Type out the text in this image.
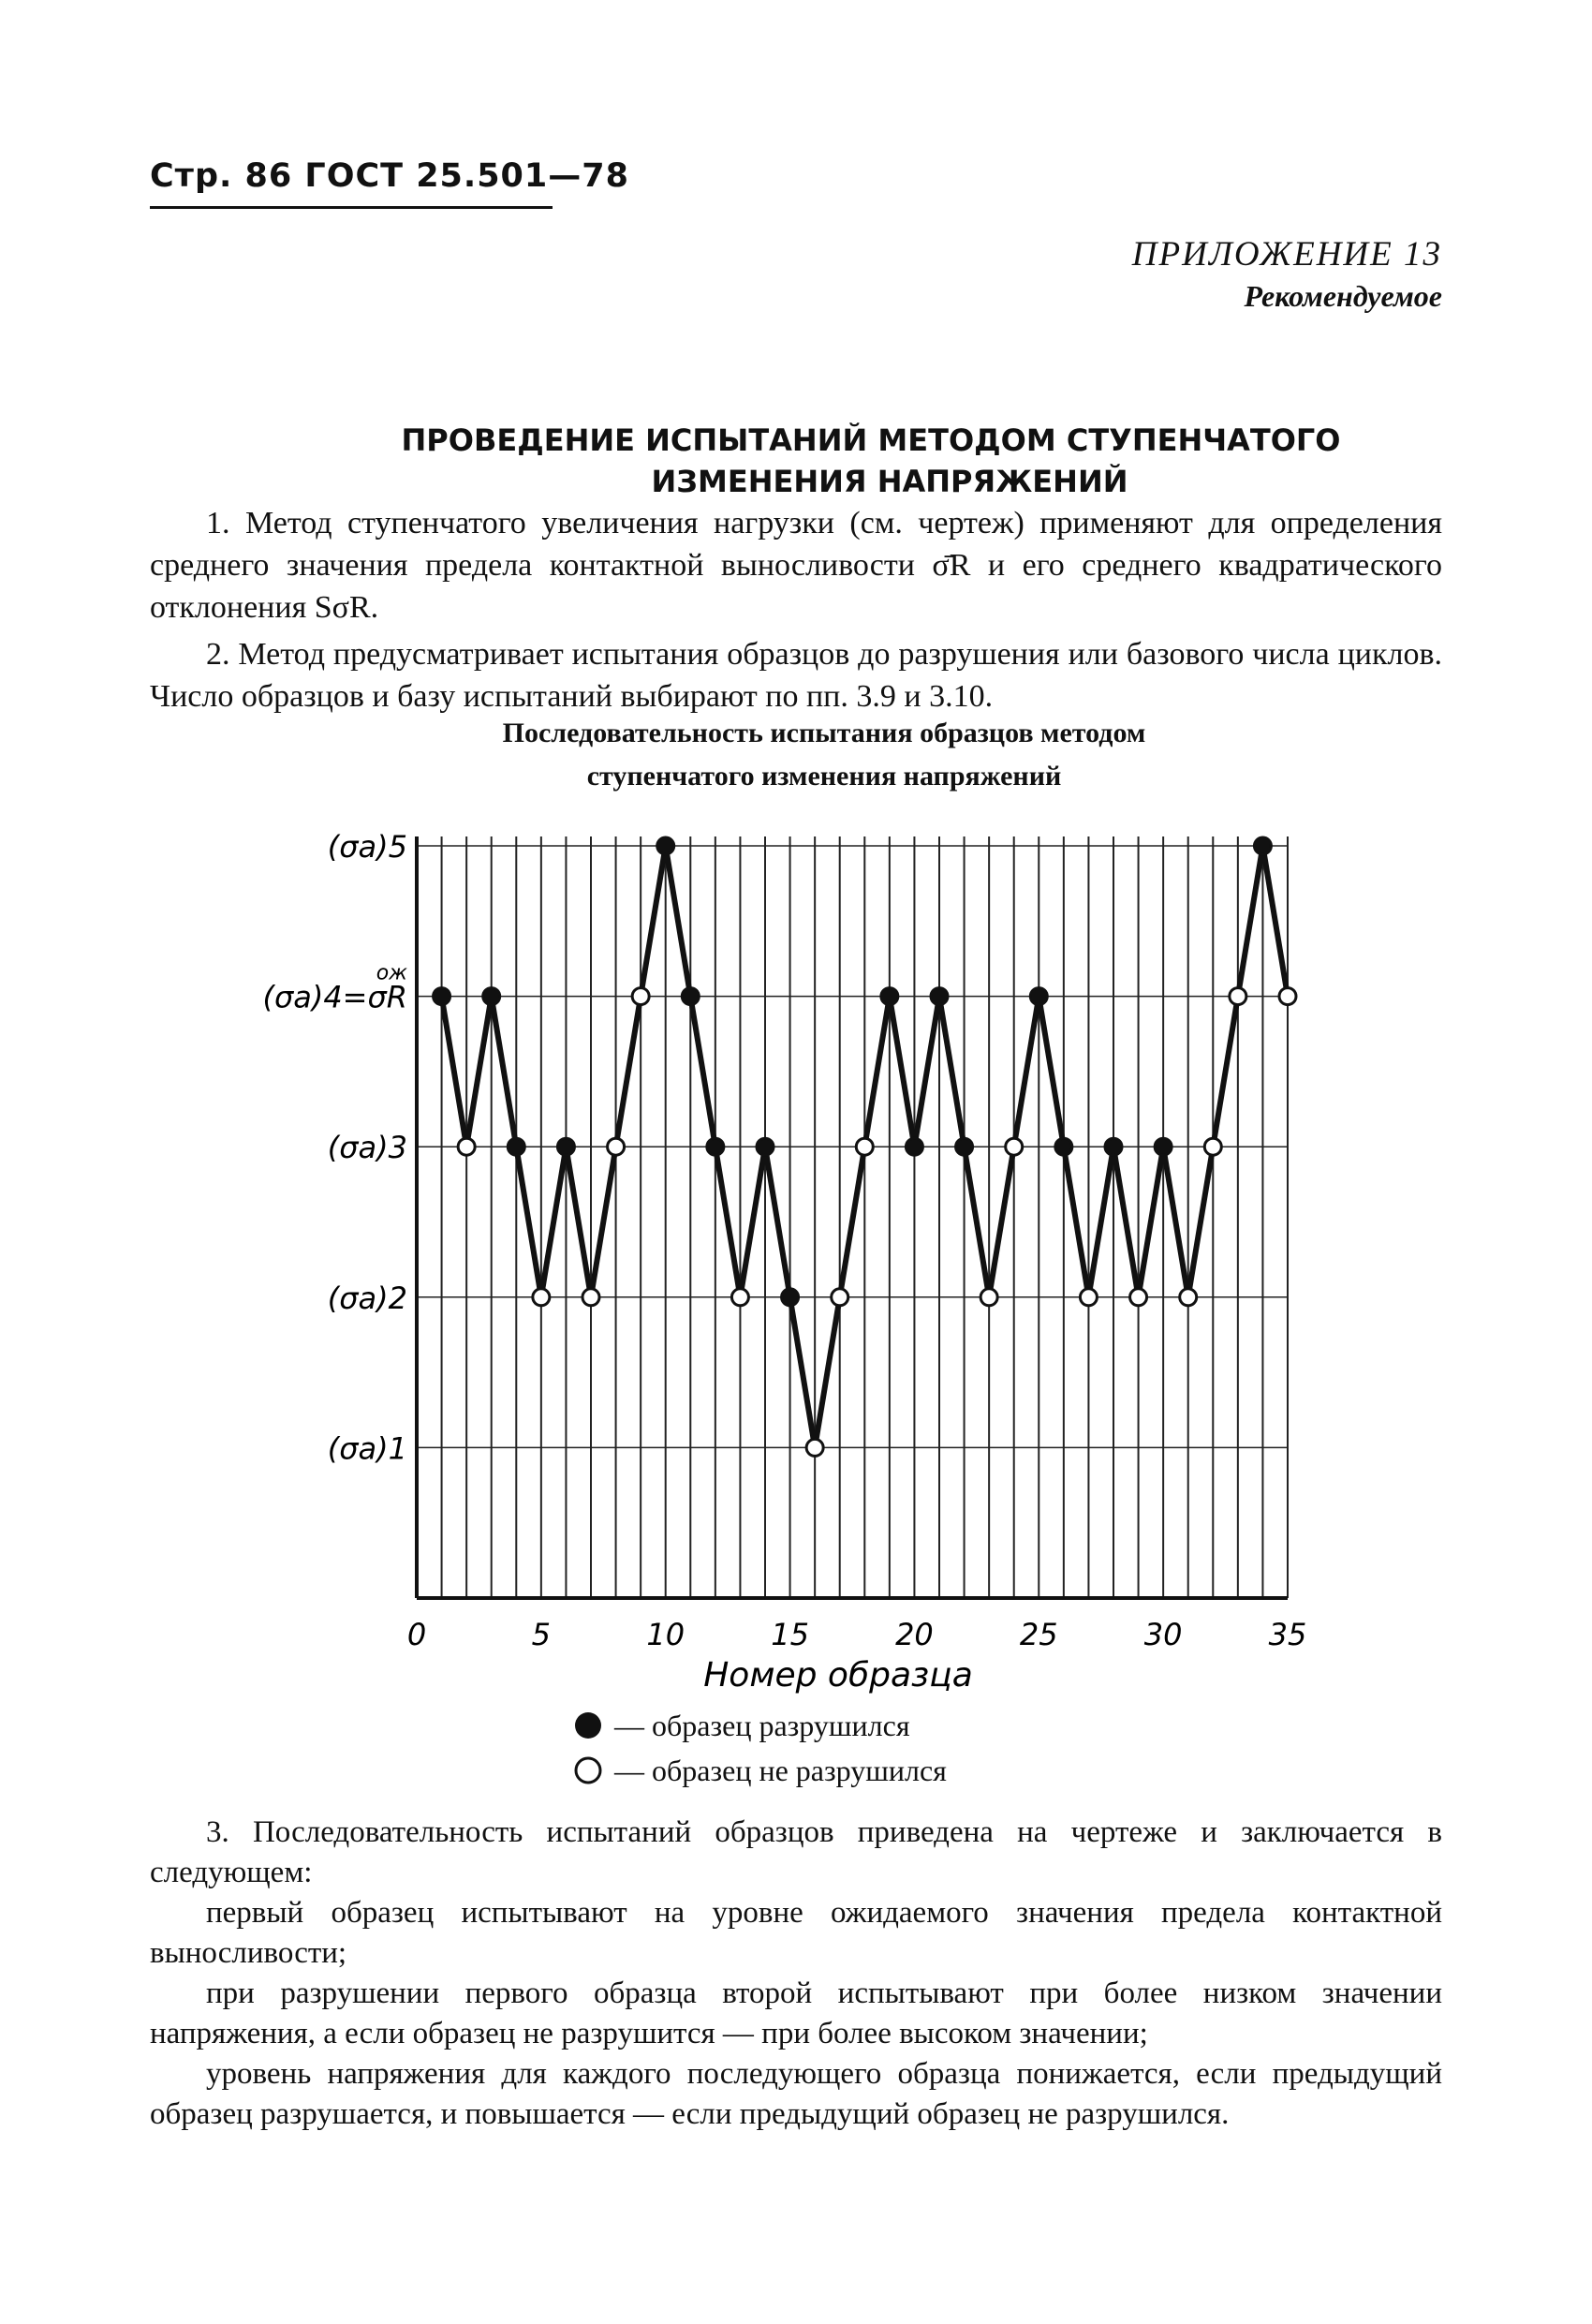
Стр. 86 ГОСТ 25.501—78
ПРИЛОЖЕНИЕ 13
Рекомендуемое
ПРОВЕДЕНИЕ ИСПЫТАНИЙ МЕТОДОМ СТУПЕНЧАТОГО
ИЗМЕНЕНИЯ НАПРЯЖЕНИЙ
1. Метод ступенчатого увеличения нагрузки (см. чертеж) применяют для определения среднего значения предела контактной выносливости σ̄R и его среднего квадратического отклонения SσR.
2. Метод предусматривает испытания образцов до разрушения или базового числа циклов. Число образцов и базу испытаний выбирают по пп. 3.9 и 3.10.
Последовательность испытания образцов методом ступенчатого изменения напряжений
(σa)1
(σa)2
(σa)3
(σa)4=σR
(σa)5
ож
0	5	10	15	20	25	30	35
Номер образца
— образец разрушился
— образец не разрушился

3. Последовательность испытаний образцов приведена на чертеже и заключается в следующем:

первый образец испытывают на уровне ожидаемого значения предела контактной выносливости;

при разрушении первого образца второй испытывают при более низком значении напряжения, а если образец не разрушится — при более высоком значении;

уровень напряжения для каждого последующего образца понижается, если предыдущий образец разрушается, и повышается — если предыдущий образец не разрушился.
